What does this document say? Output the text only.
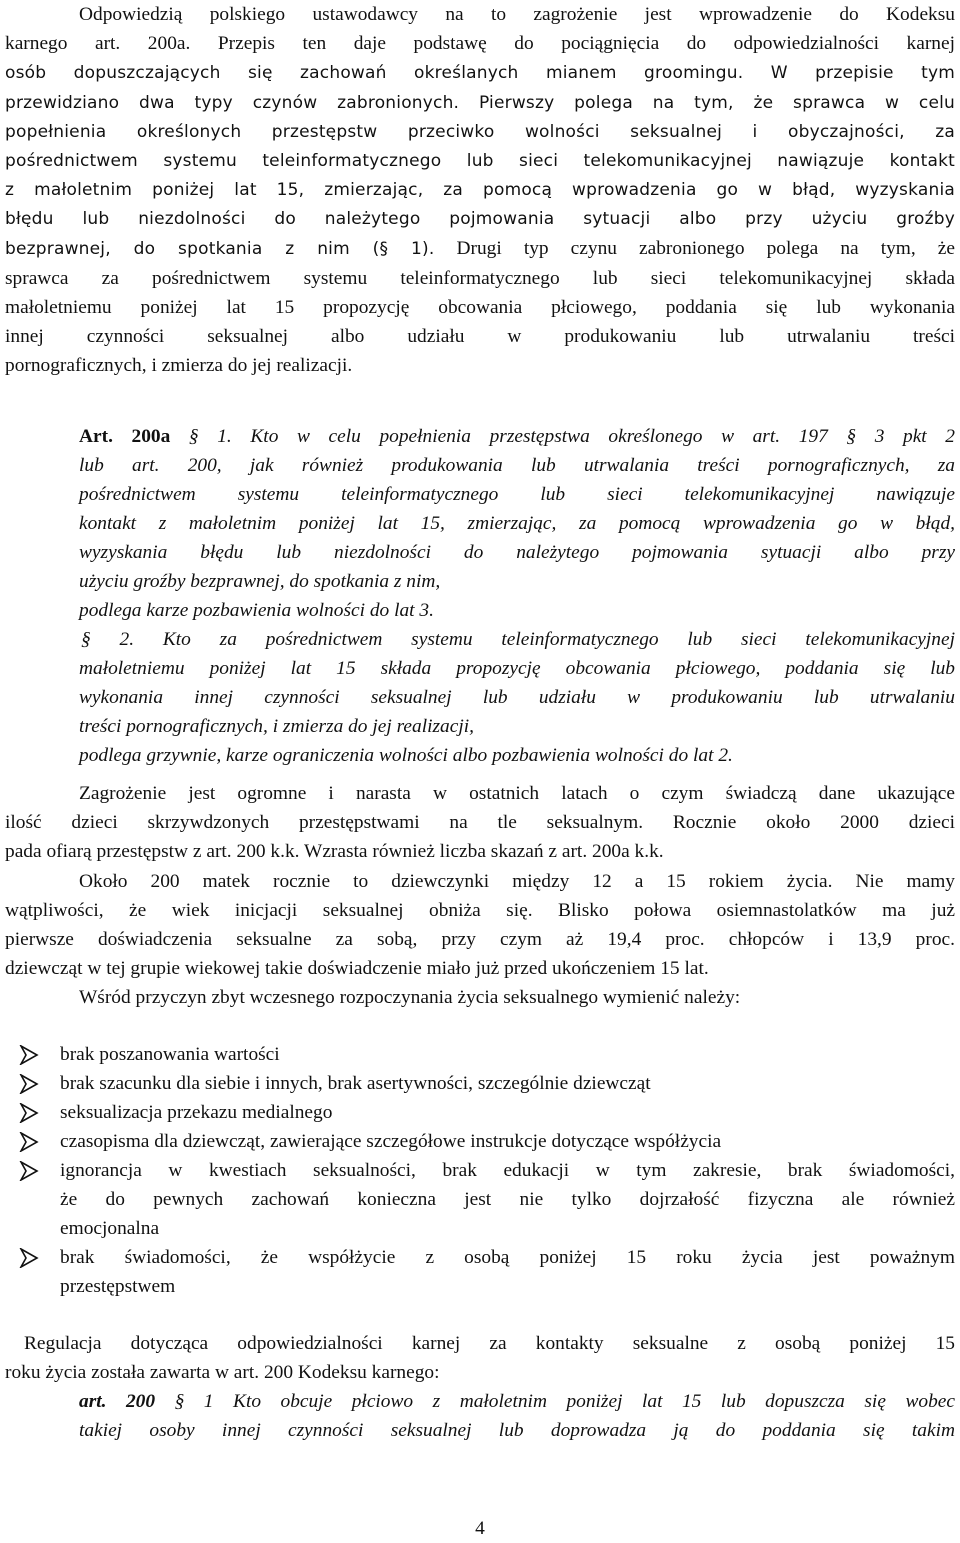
Odpowiedzią polskiego ustawodawcy na to zagrożenie jest wprowadzenie do Kodeksu
karnego art. 200a. Przepis ten daje podstawę do pociągnięcia do odpowiedzialności karnej
osób dopuszczających się zachowań określanych mianem groomingu. W przepisie tym
przewidziano dwa typy czynów zabronionych. Pierwszy polega na tym, że sprawca w celu
popełnienia określonych przestępstw przeciwko wolności seksualnej i obyczajności, za
pośrednictwem systemu teleinformatycznego lub sieci telekomunikacyjnej nawiązuje kontakt
z małoletnim poniżej lat 15, zmierzając, za pomocą wprowadzenia go w błąd, wyzyskania
błędu lub niezdolności do należytego pojmowania sytuacji albo przy użyciu groźby
bezprawnej, do spotkania z nim (§ 1). Drugi typ czynu zabronionego polega na tym, że
sprawca za pośrednictwem systemu teleinformatycznego lub sieci telekomunikacyjnej składa
małoletniemu poniżej lat 15 propozycję obcowania płciowego, poddania się lub wykonania
innej czynności seksualnej albo udziału w produkowaniu lub utrwalaniu treści
pornograficznych, i zmierza do jej realizacji.
Art. 200a § 1. Kto w celu popełnienia przestępstwa określonego w art. 197 § 3 pkt 2
lub art. 200, jak również produkowania lub utrwalania treści pornograficznych, za
pośrednictwem systemu teleinformatycznego lub sieci telekomunikacyjnej nawiązuje
kontakt z małoletnim poniżej lat 15, zmierzając, za pomocą wprowadzenia go w błąd,
wyzyskania błędu lub niezdolności do należytego pojmowania sytuacji albo przy
użyciu groźby bezprawnej, do spotkania z nim,
podlega karze pozbawienia wolności do lat 3.
§ 2. Kto za pośrednictwem systemu teleinformatycznego lub sieci telekomunikacyjnej
małoletniemu poniżej lat 15 składa propozycję obcowania płciowego, poddania się lub
wykonania innej czynności seksualnej lub udziału w produkowaniu lub utrwalaniu
treści pornograficznych, i zmierza do jej realizacji,
podlega grzywnie, karze ograniczenia wolności albo pozbawienia wolności do lat 2.
Zagrożenie jest ogromne i narasta w ostatnich latach o czym świadczą dane ukazujące
ilość dzieci skrzywdzonych przestępstwami na tle seksualnym. Rocznie około 2000 dzieci
pada ofiarą przestępstw z art. 200 k.k. Wzrasta również liczba skazań z art. 200a k.k.
Około 200 matek rocznie to dziewczynki między 12 a 15 rokiem życia. Nie mamy
wątpliwości, że wiek inicjacji seksualnej obniża się. Blisko połowa osiemnastolatków ma już
pierwsze doświadczenia seksualne za sobą, przy czym aż 19,4 proc. chłopców i 13,9 proc.
dziewcząt w tej grupie wiekowej takie doświadczenie miało już przed ukończeniem 15 lat.
Wśród przyczyn zbyt wczesnego rozpoczynania życia seksualnego wymienić należy:
brak poszanowania wartości
brak szacunku dla siebie i innych, brak asertywności, szczególnie dziewcząt
seksualizacja przekazu medialnego
czasopisma dla dziewcząt, zawierające szczegółowe instrukcje dotyczące współżycia
ignorancja w kwestiach seksualności, brak edukacji w tym zakresie, brak świadomości,
że do pewnych zachowań konieczna jest nie tylko dojrzałość fizyczna ale również
emocjonalna
brak świadomości, że współżycie z osobą poniżej 15 roku życia jest poważnym
przestępstwem
Regulacja dotycząca odpowiedzialności karnej za kontakty seksualne z osobą poniżej 15
roku życia została zawarta w art. 200 Kodeksu karnego:
art. 200 § 1 Kto obcuje płciowo z małoletnim poniżej lat 15 lub dopuszcza się wobec
takiej osoby innej czynności seksualnej lub doprowadza ją do poddania się takim
4
